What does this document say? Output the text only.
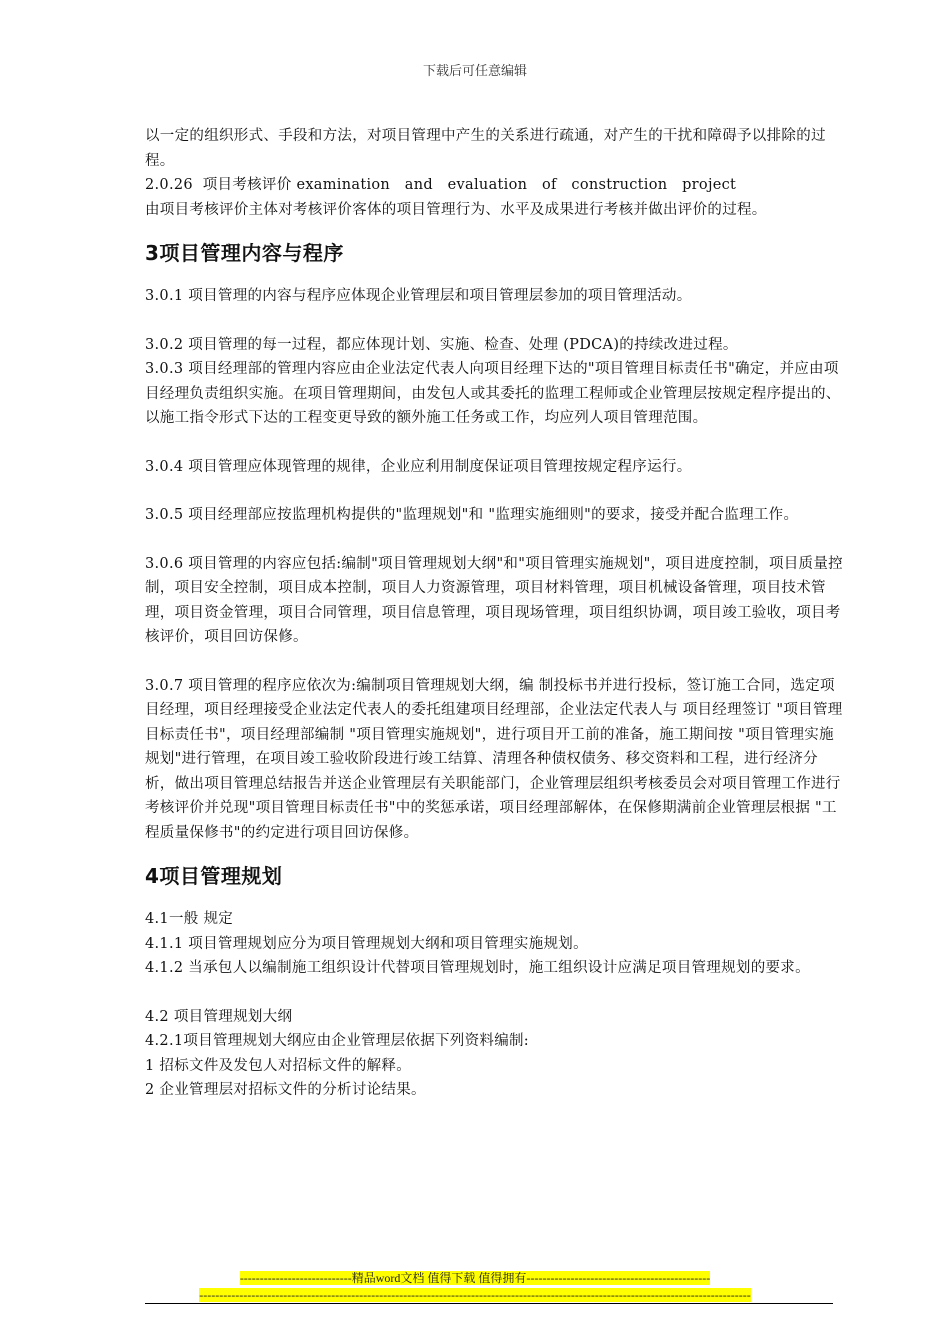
下载后可任意编辑

以一定的组织形式、手段和方法，对项目管理中产生的关系进行疏通，对产生的干扰和障碍予以排除的过程。

2.0.26  项目考核评价 examination   and   evaluation   of   construction   project

由项目考核评价主体对考核评价客体的项目管理行为、水平及成果进行考核并做出评价的过程。

3项目管理内容与程序

3.0.1 项目管理的内容与程序应体现企业管理层和项目管理层参加的项目管理活动。

3.0.2 项目管理的每一过程，都应体现计划、实施、检查、处理 (PDCA)的持续改进过程。

3.0.3 项目经理部的管理内容应由企业法定代表人向项目经理下达的"项目管理目标责任书"确定，并应由项目经理负责组织实施。在项目管理期间，由发包人或其委托的监理工程师或企业管理层按规定程序提出的、以施工指令形式下达的工程变更导致的额外施工任务或工作，均应列人项目管理范围。

3.0.4 项目管理应体现管理的规律，企业应利用制度保证项目管理按规定程序运行。

3.0.5 项目经理部应按监理机构提供的"监理规划"和 "监理实施细则"的要求，接受并配合监理工作。

3.0.6 项目管理的内容应包括:编制"项目管理规划大纲"和"项目管理实施规划"，项目进度控制，项目质量控制，项目安全控制，项目成本控制，项目人力资源管理，项目材料管理，项目机械设备管理，项目技术管理，项目资金管理，项目合同管理，项目信息管理，项目现场管理，项目组织协调，项目竣工验收，项目考核评价，项目回访保修。

3.0.7 项目管理的程序应依次为:编制项目管理规划大纲，编 制投标书并进行投标，签订施工合同，选定项目经理，项目经理接受企业法定代表人的委托组建项目经理部，企业法定代表人与 项目经理签订 "项目管理目标责任书"，项目经理部编制 "项目管理实施规划"，进行项目开工前的准备，施工期间按 "项目管理实施规划"进行管理，在项目竣工验收阶段进行竣工结算、清理各种债权债务、移交资料和工程，进行经济分析，做出项目管理总结报告并送企业管理层有关职能部门，企业管理层组织考核委员会对项目管理工作进行考核评价并兑现"项目管理目标责任书"中的奖惩承诺，项目经理部解体，在保修期满前企业管理层根据 "工程质量保修书"的约定进行项目回访保修。

4项目管理规划

4.1一般 规定

4.1.1 项目管理规划应分为项目管理规划大纲和项目管理实施规划。

4.1.2 当承包人以编制施工组织设计代替项目管理规划时，施工组织设计应满足项目管理规划的要求。

4.2 项目管理规划大纲

4.2.1项目管理规划大纲应由企业管理层依据下列资料编制:

1 招标文件及发包人对招标文件的解释。

2 企业管理层对招标文件的分析讨论结果。

----------------------------精品word文档 值得下载 值得拥有----------------------------------------------
------------------------------------------------------------------------------------------------------------------------------------------
